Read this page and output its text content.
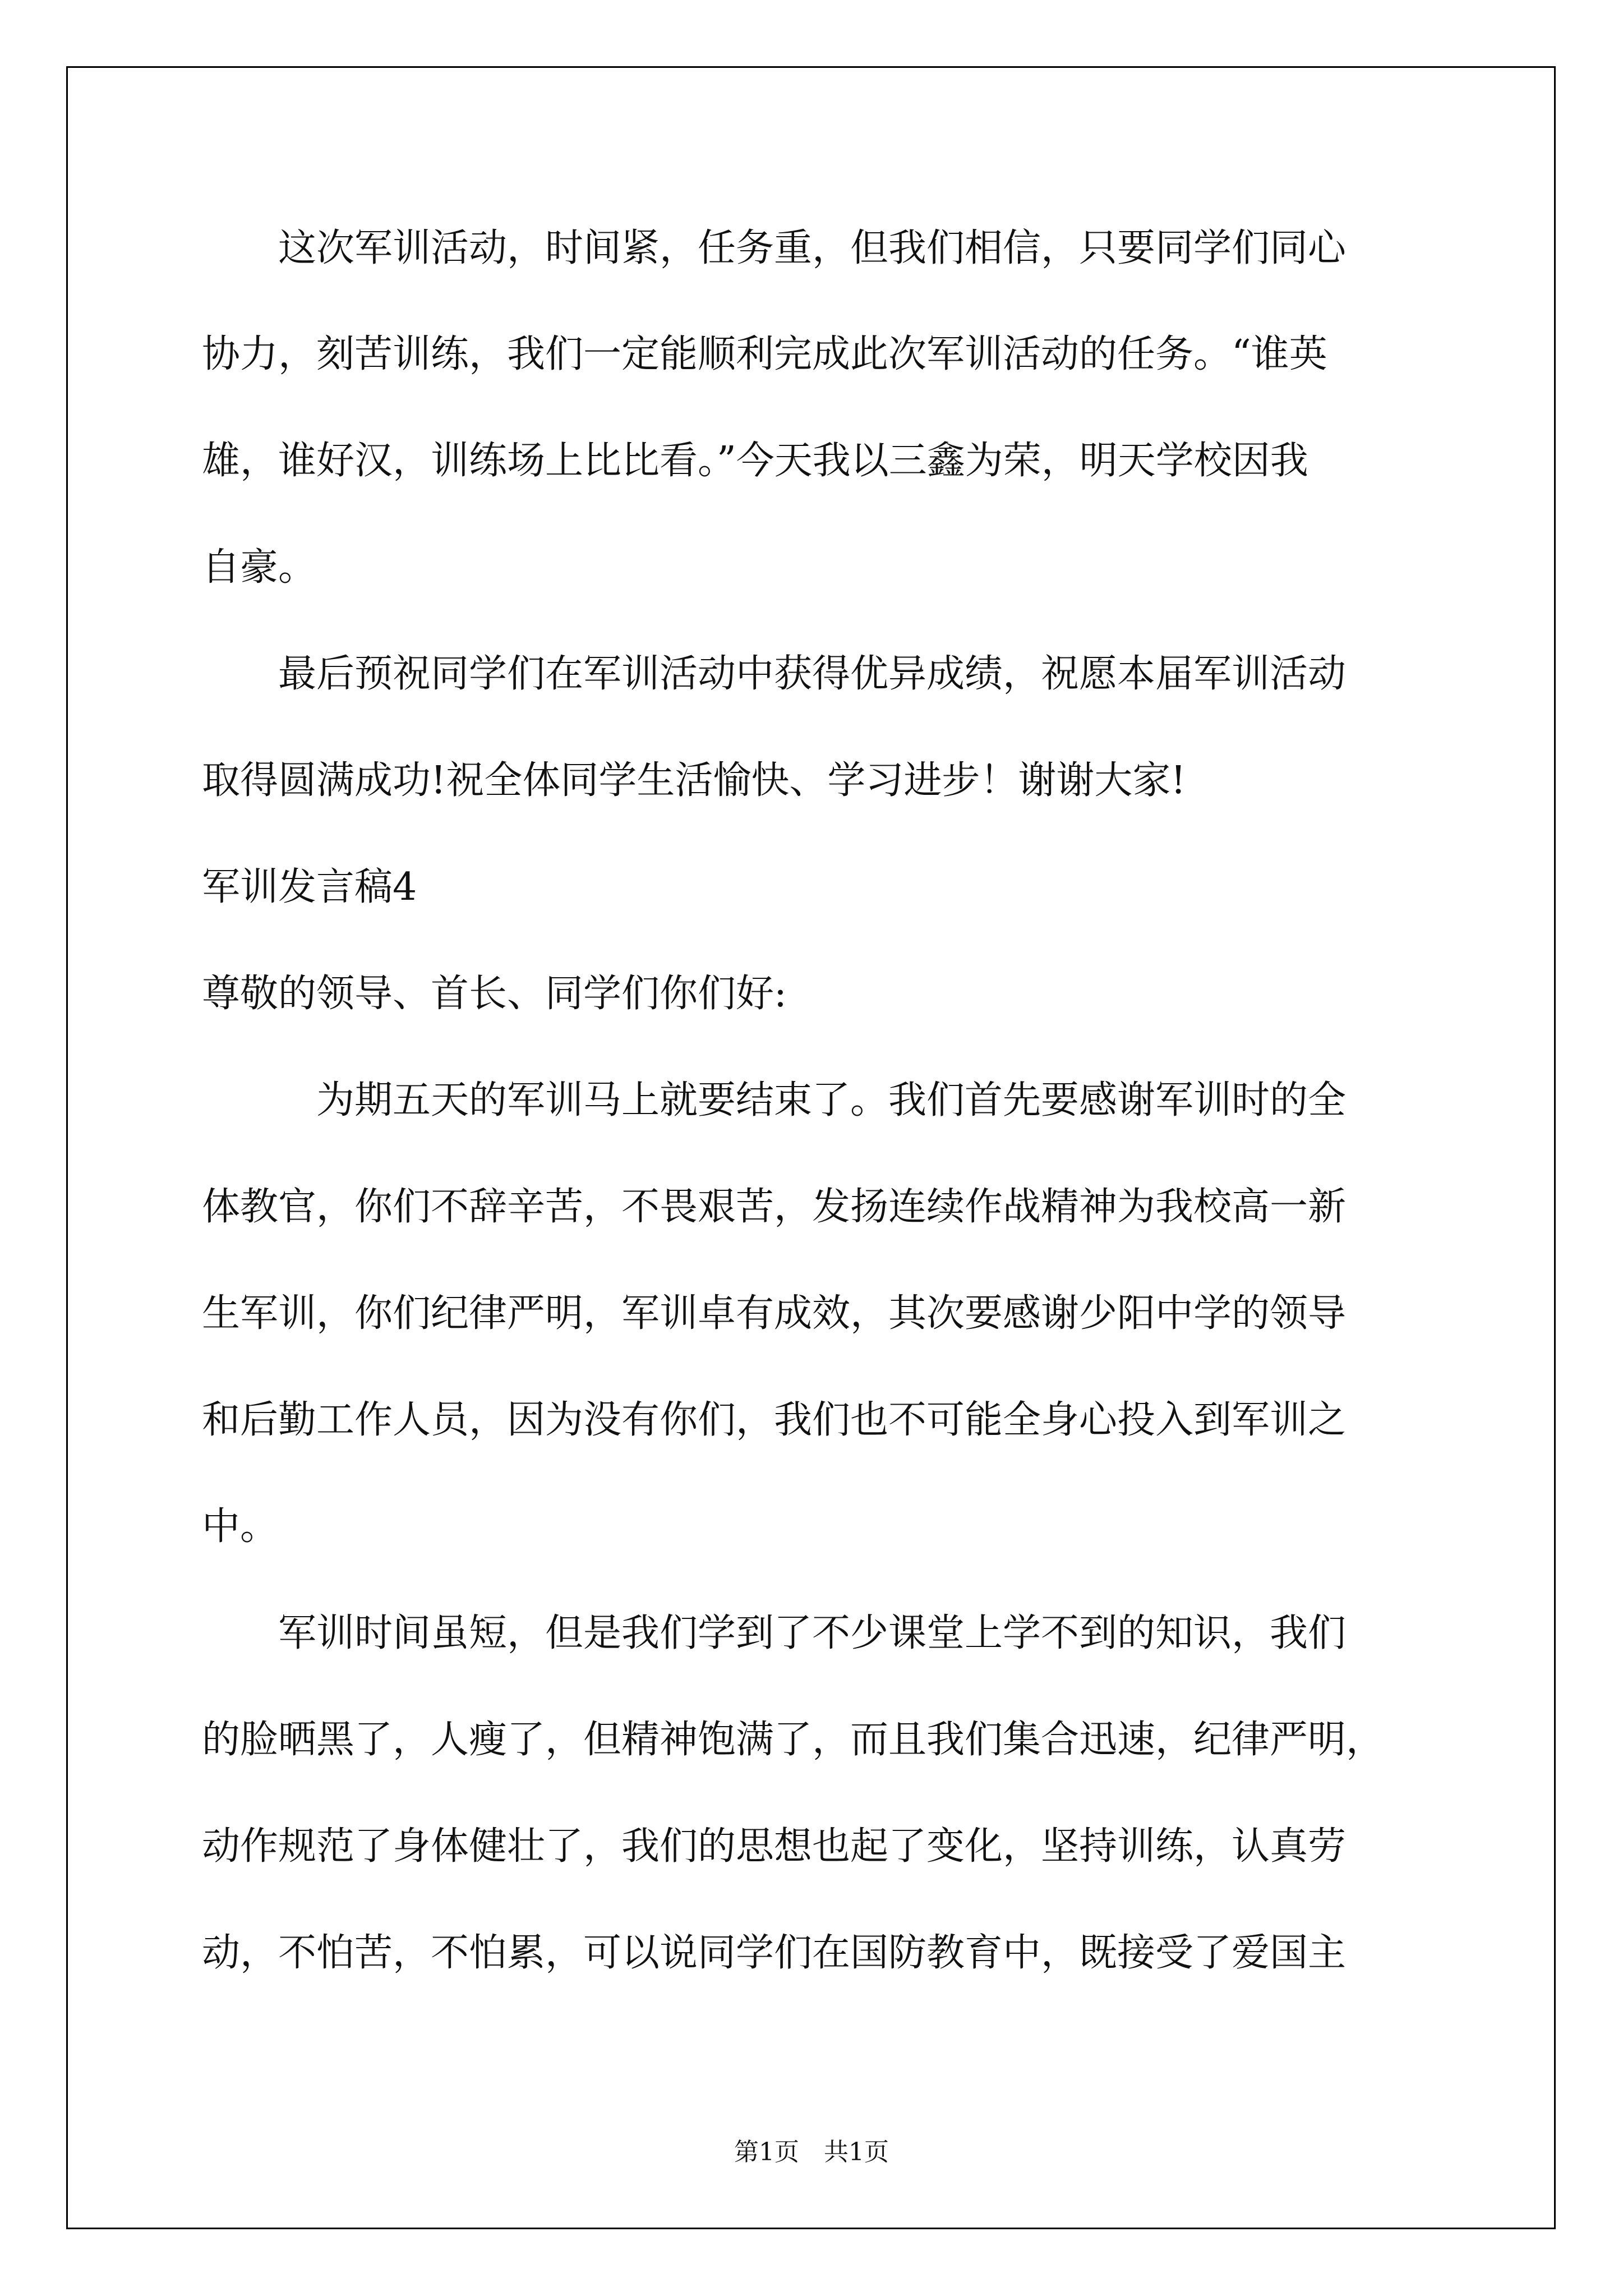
　　这次军训活动，时间紧，任务重，但我们相信，只要同学们同心
协力，刻苦训练，我们一定能顺利完成此次军训活动的任务。“谁英
雄，谁好汉，训练场上比比看。”今天我以三鑫为荣，明天学校因我
自豪。
　　最后预祝同学们在军训活动中获得优异成绩，祝愿本届军训活动
取得圆满成功!祝全体同学生活愉快、学习进步！谢谢大家!
军训发言稿4
尊敬的领导、首长、同学们你们好:
　　　为期五天的军训马上就要结束了。我们首先要感谢军训时的全
体教官，你们不辞辛苦，不畏艰苦，发扬连续作战精神为我校高一新
生军训，你们纪律严明，军训卓有成效，其次要感谢少阳中学的领导
和后勤工作人员，因为没有你们，我们也不可能全身心投入到军训之
中。
　　军训时间虽短，但是我们学到了不少课堂上学不到的知识，我们
的脸晒黑了，人瘦了，但精神饱满了，而且我们集合迅速，纪律严明，
动作规范了身体健壮了，我们的思想也起了变化，坚持训练，认真劳
动，不怕苦，不怕累，可以说同学们在国防教育中，既接受了爱国主
第1页　共1页
